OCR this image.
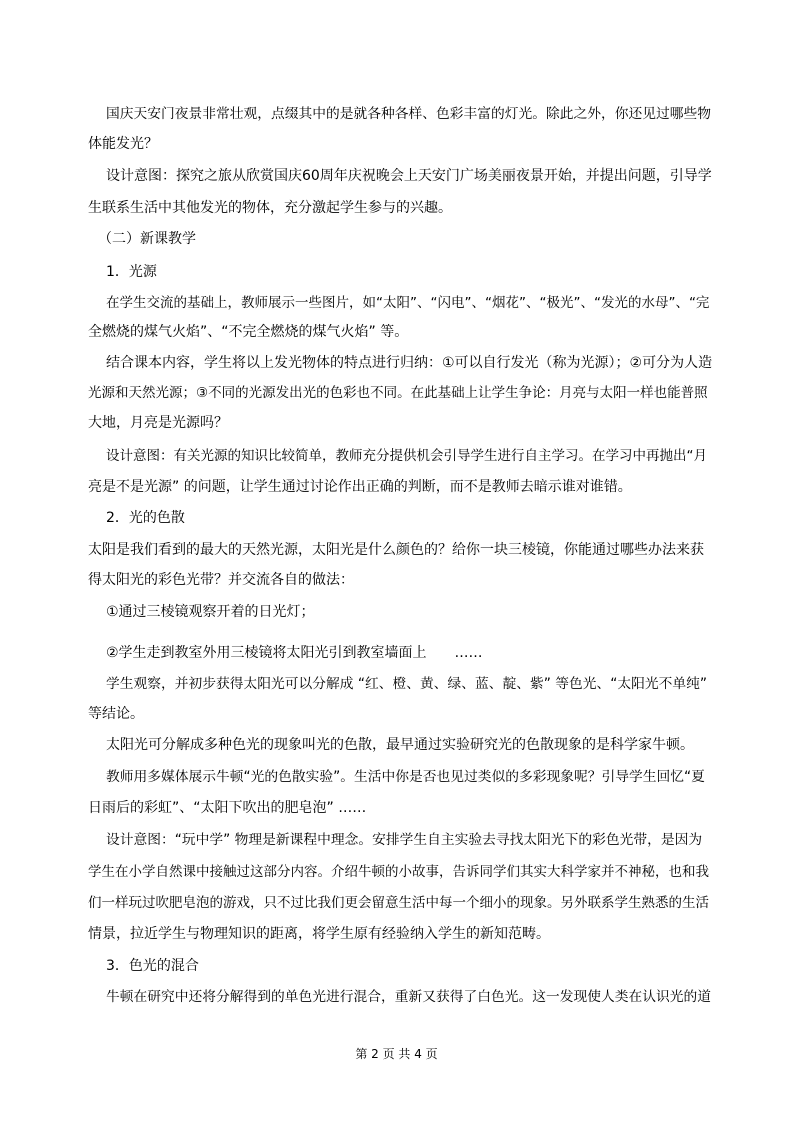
国庆天安门夜景非常壮观，点缀其中的是就各种各样、色彩丰富的灯光。除此之外，你还见过哪些物
体能发光？
设计意图：探究之旅从欣赏国庆60周年庆祝晚会上天安门广场美丽夜景开始，并提出问题，引导学
生联系生活中其他发光的物体，充分激起学生参与的兴趣。
（二）新课教学
1．光源
在学生交流的基础上，教师展示一些图片，如“太阳”、“闪电”、“烟花”、“极光”、“发光的水母”、“完
全燃烧的煤气火焰”、“不完全燃烧的煤气火焰” 等。
结合课本内容，学生将以上发光物体的特点进行归纳：①可以自行发光（称为光源）；②可分为人造
光源和天然光源；③不同的光源发出光的色彩也不同。在此基础上让学生争论：月亮与太阳一样也能普照
大地，月亮是光源吗？
设计意图：有关光源的知识比较简单，教师充分提供机会引导学生进行自主学习。在学习中再抛出“月
亮是不是光源” 的问题，让学生通过讨论作出正确的判断，而不是教师去暗示谁对谁错。
2．光的色散
太阳是我们看到的最大的天然光源，太阳光是什么颜色的？给你一块三棱镜，你能通过哪些办法来获
得太阳光的彩色光带？并交流各自的做法：
①通过三棱镜观察开着的日光灯；
②学生走到教室外用三棱镜将太阳光引到教室墙面上　　……
学生观察，并初步获得太阳光可以分解成 “红、橙、黄、绿、蓝、靛、紫” 等色光、“太阳光不单纯”
等结论。
太阳光可分解成多种色光的现象叫光的色散，最早通过实验研究光的色散现象的是科学家牛顿。
教师用多媒体展示牛顿“光的色散实验”。生活中你是否也见过类似的多彩现象呢？引导学生回忆“夏
日雨后的彩虹”、“太阳下吹出的肥皂泡” ……
设计意图：“玩中学” 物理是新课程中理念。安排学生自主实验去寻找太阳光下的彩色光带，是因为
学生在小学自然课中接触过这部分内容。介绍牛顿的小故事，告诉同学们其实大科学家并不神秘，也和我
们一样玩过吹肥皂泡的游戏，只不过比我们更会留意生活中每一个细小的现象。另外联系学生熟悉的生活
情景，拉近学生与物理知识的距离，将学生原有经验纳入学生的新知范畴。
3．色光的混合
牛顿在研究中还将分解得到的单色光进行混合，重新又获得了白色光。这一发现使人类在认识光的道
第 2 页 共 4 页
